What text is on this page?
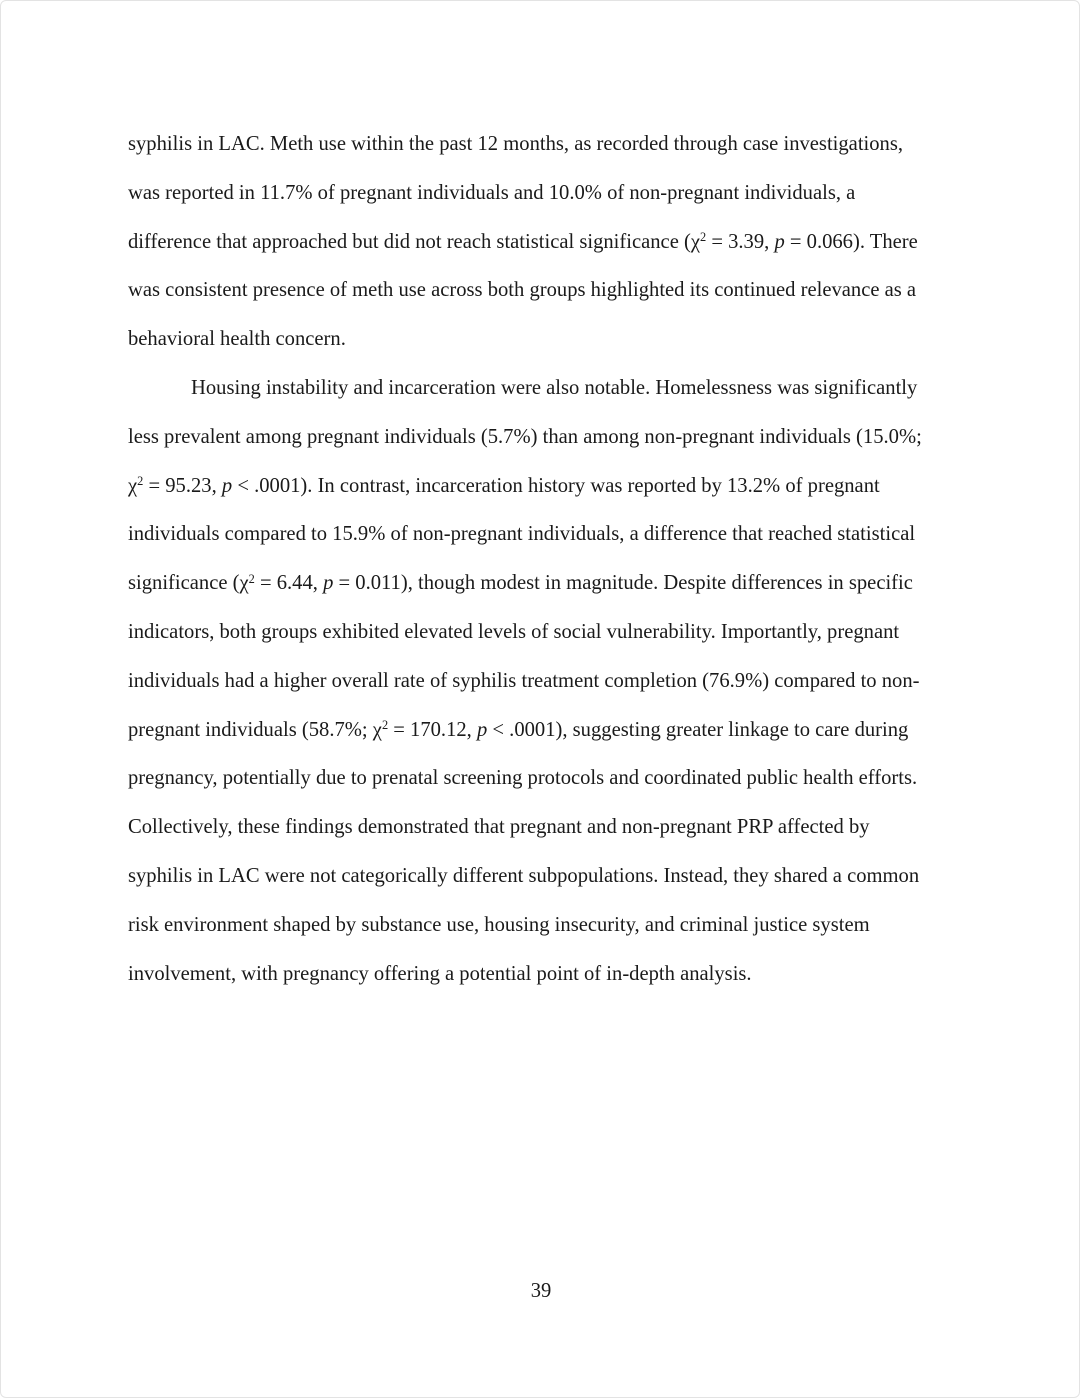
syphilis in LAC. Meth use within the past 12 months, as recorded through case investigations,
was reported in 11.7% of pregnant individuals and 10.0% of non-pregnant individuals, a
difference that approached but did not reach statistical significance ($\chi^2 = 3.39$, p = 0.066). There
was consistent presence of meth use across both groups highlighted its continued relevance as a
behavioral health concern.
Housing instability and incarceration were also notable. Homelessness was significantly
less prevalent among pregnant individuals (5.7%) than among non-pregnant individuals (15.0%;
$\chi^2 = 95.23$, p < .0001). In contrast, incarceration history was reported by 13.2% of pregnant
individuals compared to 15.9% of non-pregnant individuals, a difference that reached statistical
significance ($\chi^2 = 6.44$, p = 0.011), though modest in magnitude. Despite differences in specific
indicators, both groups exhibited elevated levels of social vulnerability. Importantly, pregnant
individuals had a higher overall rate of syphilis treatment completion (76.9%) compared to non-
pregnant individuals (58.7%; $\chi^2 = 170.12$, p < .0001), suggesting greater linkage to care during
pregnancy, potentially due to prenatal screening protocols and coordinated public health efforts.
Collectively, these findings demonstrated that pregnant and non-pregnant PRP affected by
syphilis in LAC were not categorically different subpopulations. Instead, they shared a common
risk environment shaped by substance use, housing insecurity, and criminal justice system
involvement, with pregnancy offering a potential point of in-depth analysis.
39
